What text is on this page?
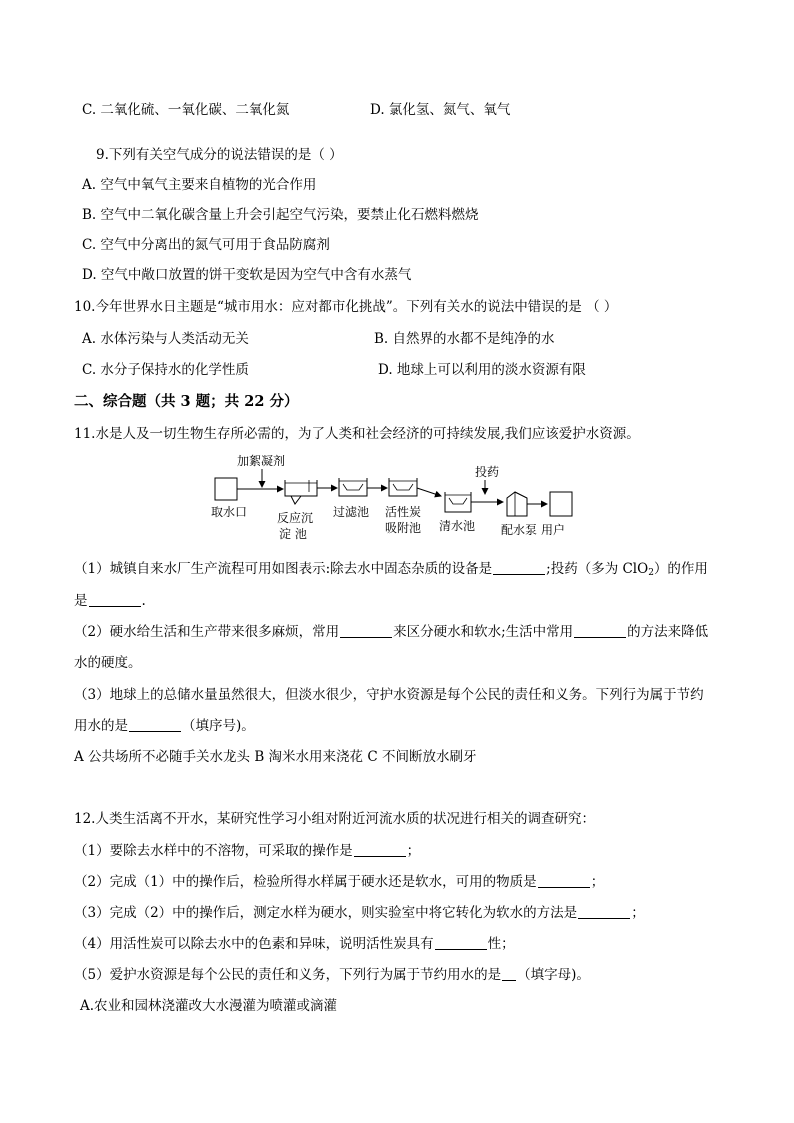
C. 二氧化硫、一氧化碳、二氧化氮	D. 氯化氢、氮气、氧气
9.下列有关空气成分的说法错误的是（ ）
A. 空气中氧气主要来自植物的光合作用
B. 空气中二氧化碳含量上升会引起空气污染，要禁止化石燃料燃烧
C. 空气中分离出的氮气可用于食品防腐剂
D. 空气中敞口放置的饼干变软是因为空气中含有水蒸气
10.今年世界水日主题是“城市用水：应对都市化挑战”。下列有关水的说法中错误的是 （ ）
A. 水体污染与人类活动无关	B. 自然界的水都不是纯净的水
C. 水分子保持水的化学性质	D. 地球上可以利用的淡水资源有限
二、综合题（共 3 题；共 22 分）
11.水是人及一切生物生存所必需的，为了人类和社会经济的可持续发展,我们应该爱护水资源。
加絮凝剂
投药
取水口 反应沉
淀 池
过滤池 活性炭
吸附池 清水池 配水泵 用户
（1）城镇自来水厂生产流程可用如图表示:除去水中固态杂质的设备是	;投药（多为 ClO$_2$）的作用
是	.
（2）硬水给生活和生产带来很多麻烦，常用	来区分硬水和软水;生活中常用	的方法来降低
水的硬度。
（3）地球上的总储水量虽然很大，但淡水很少，守护水资源是每个公民的责任和义务。下列行为属于节约
用水的是	（填序号)。
A 公共场所不必随手关水龙头 B 淘米水用来浇花 C 不间断放水刷牙
12.人类生活离不开水，某研究性学习小组对附近河流水质的状况进行相关的调查研究：
（1）要除去水样中的不溶物，可采取的操作是	；
（2）完成（1）中的操作后，检验所得水样属于硬水还是软水，可用的物质是	；
（3）完成（2）中的操作后，测定水样为硬水，则实验室中将它转化为软水的方法是	；
（4）用活性炭可以除去水中的色素和异味，说明活性炭具有	性；
（5）爱护水资源是每个公民的责任和义务，下列行为属于节约用水的是 （填字母)。
A.农业和园林浇灌改大水漫灌为喷灌或滴灌
